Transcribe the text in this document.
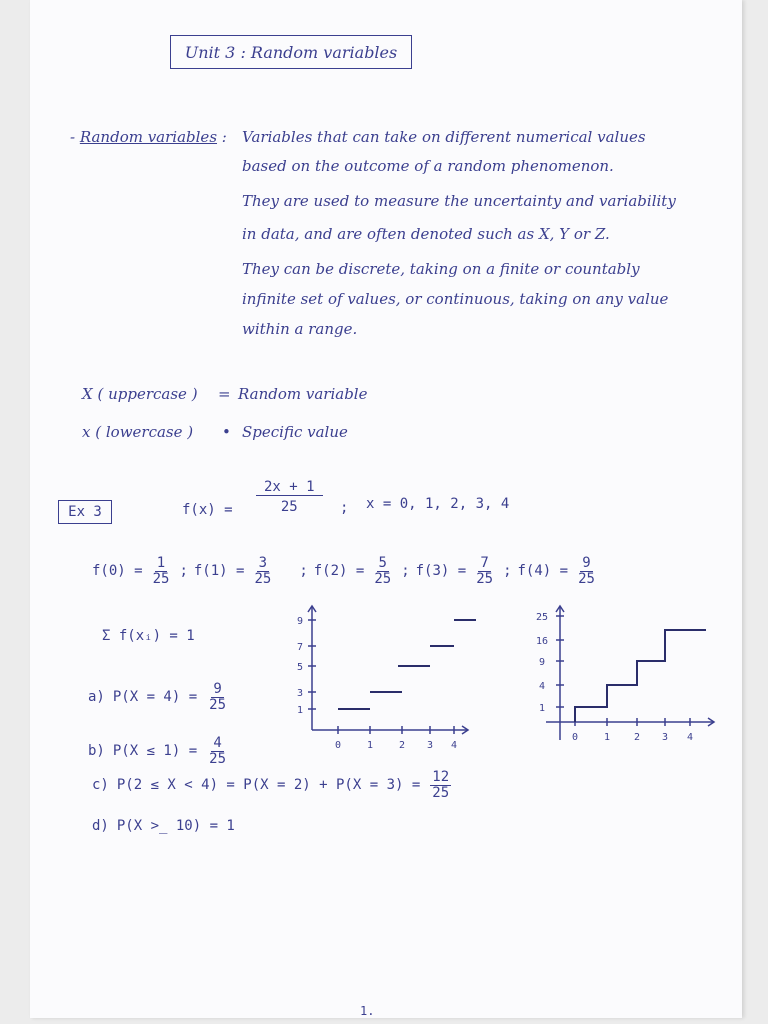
Unit 3 : Random variables
- Random variables : Variables that can take on different numerical values
based on the outcome of a random phenomenon.
They are used to measure the uncertainty and variability
in data, and are often denoted such as X, Y or Z.
They can be discrete, taking on a finite or countably
infinite set of values, or continuous, taking on any value
within a range.
X ( uppercase ) = Random variable
x ( lowercase ) • Specific value
Ex 3	$f(x) = \frac{2x + 1}{25}$ ; x = 0, 1, 2, 3, 4
$f(0) = \frac{1}{25}$ ; $f(1) = \frac{3}{25}$ ; $f(2) = \frac{5}{25}$ ; $f(3) = \frac{7}{25}$ ; $f(4) = \frac{9}{25}$
Σ f(xᵢ) = 1
a) $P(X = 4) = \frac{9}{25}$
b) $P(X \le 1) = \frac{4}{25}$
c) $P(2 \le X < 4) = P(X = 2) + P(X = 3) = \frac{12}{25}$
d) P(X >_ 10) = 1
0	1	2 3 4
1
3
5
7
9
0	1 2 3 4
1
4
9
16
25
1.
